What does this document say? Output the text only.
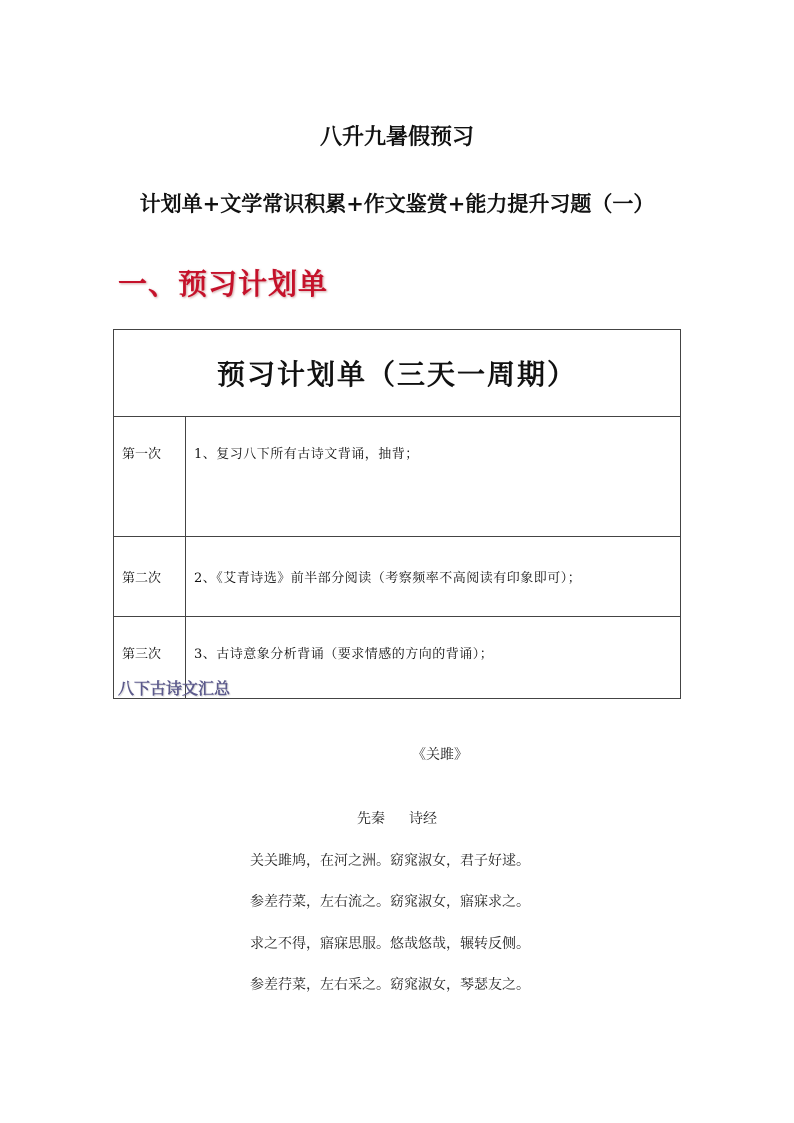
八升九暑假预习
计划单+文学常识积累+作文鉴赏+能力提升习题（一）
一、预习计划单
预习计划单（三天一周期）	
第一次	1、复习八下所有古诗文背诵，抽背；
第二次	2、《艾青诗选》前半部分阅读（考察频率不高阅读有印象即可）；
第三次	3、古诗意象分析背诵（要求情感的方向的背诵）；
八下古诗文汇总
《关雎》
先秦 诗经
关关雎鸠，在河之洲。窈窕淑女，君子好逑。
参差荇菜，左右流之。窈窕淑女，寤寐求之。
求之不得，寤寐思服。悠哉悠哉，辗转反侧。
参差荇菜，左右采之。窈窕淑女，琴瑟友之。
